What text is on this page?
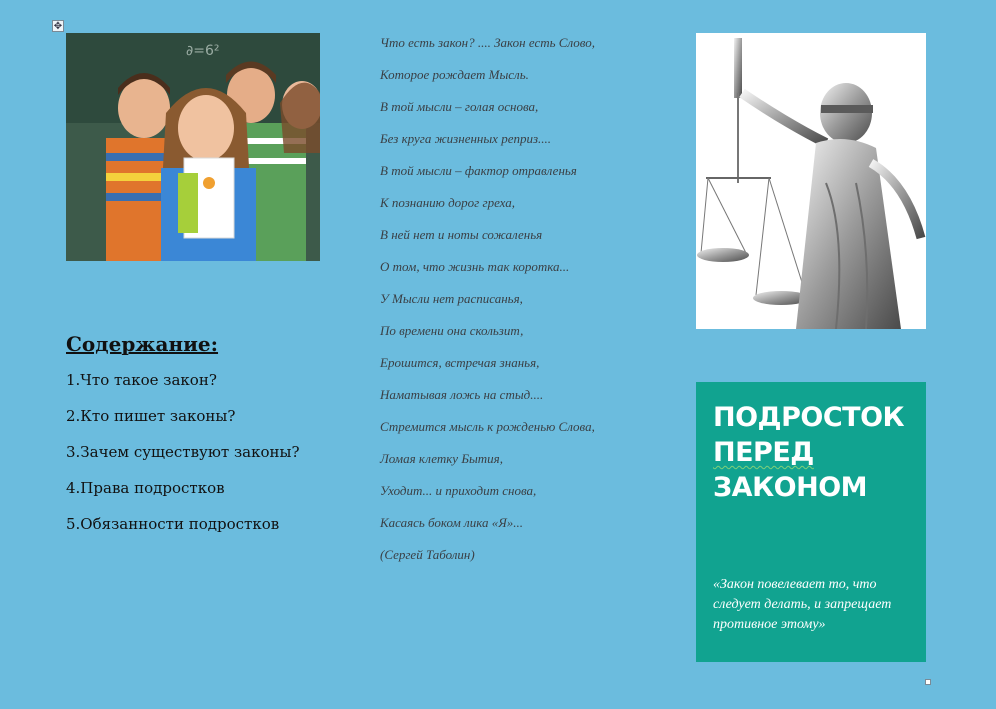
✥
∂=6²
Содержание:
1.Что такое закон?
2.Кто пишет законы?
3.Зачем существуют законы?
4.Права подростков
5.Обязанности подростков

Что есть закон? .... Закон есть Слово,

Которое рождает Мысль.

В той мысли – голая основа,

Без круга жизненных реприз....

В той мысли – фактор отравленья

К познанию дорог греха,

В ней нет и ноты сожаленья

О том, что жизнь так коротка...

У Мысли нет расписанья,

По времени она скользит,

Ерошится, встречая знанья,

Наматывая ложь на стыд....

Стремится мысль к рожденью Слова,

Ломая клетку Бытия,

Уходит... и приходит снова,

Касаясь боком лика «Я»...

(Сергей Таболин)

ПОДРОСТОК
ПЕРЕД
ЗАКОНОМ
«Закон повелевает то, что следует делать, и запрещает противное этому»
